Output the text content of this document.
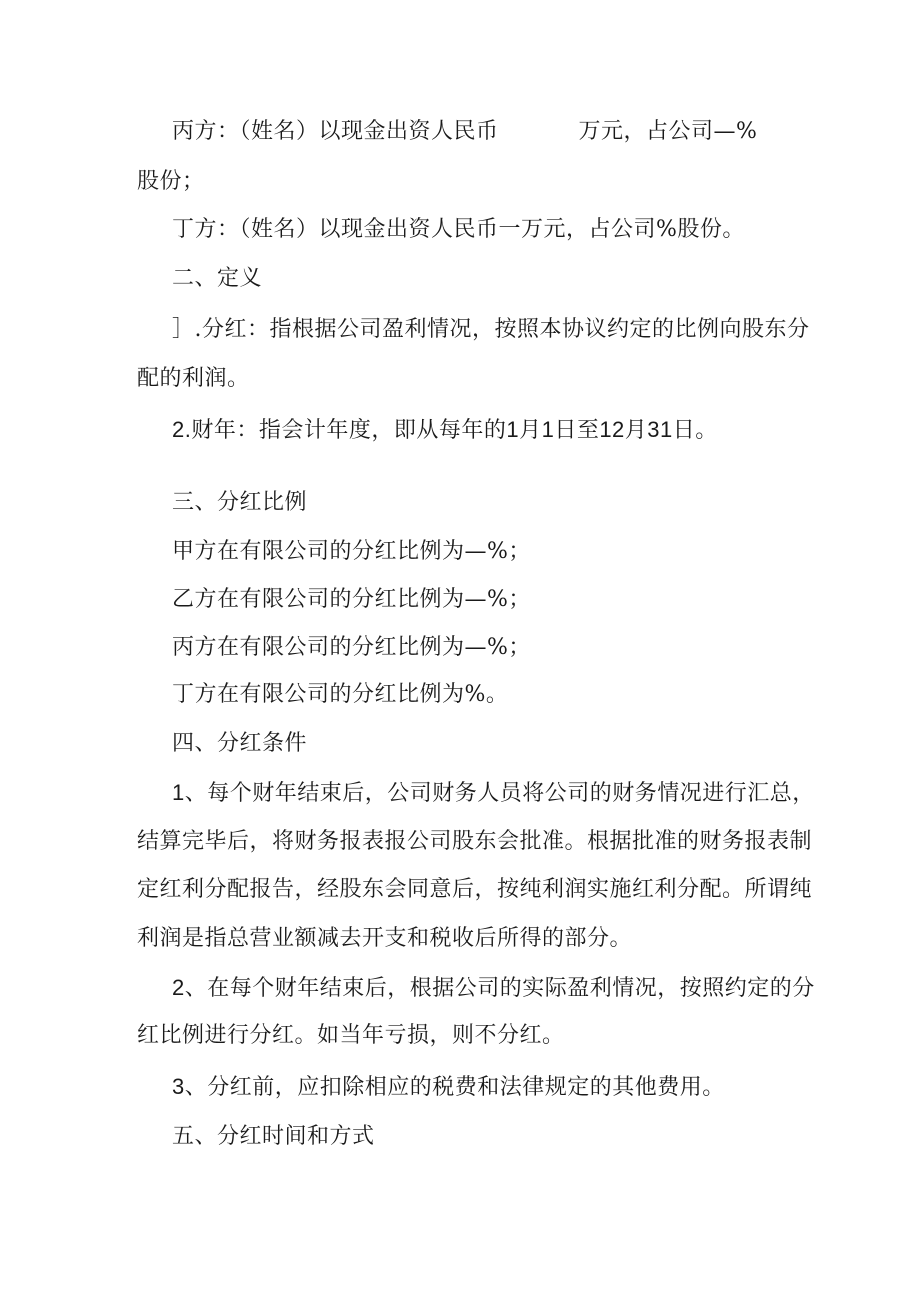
丙方：（姓名）以现金出资人民币	万元，占公司—%
股份；
丁方：（姓名）以现金出资人民币一万元，占公司%股份。
二、定义
］.分红：指根据公司盈利情况，按照本协议约定的比例向股东分
配的利润。
2.财年：指会计年度，即从每年的1月1日至12月31日。
三、分红比例
甲方在有限公司的分红比例为—%；
乙方在有限公司的分红比例为—%；
丙方在有限公司的分红比例为—%；
丁方在有限公司的分红比例为%。
四、分红条件
1、每个财年结束后，公司财务人员将公司的财务情况进行汇总，
结算完毕后，将财务报表报公司股东会批准。根据批准的财务报表制
定红利分配报告，经股东会同意后，按纯利润实施红利分配。所谓纯
利润是指总营业额减去开支和税收后所得的部分。
2、在每个财年结束后，根据公司的实际盈利情况，按照约定的分
红比例进行分红。如当年亏损，则不分红。
3、分红前，应扣除相应的税费和法律规定的其他费用。
五、分红时间和方式
